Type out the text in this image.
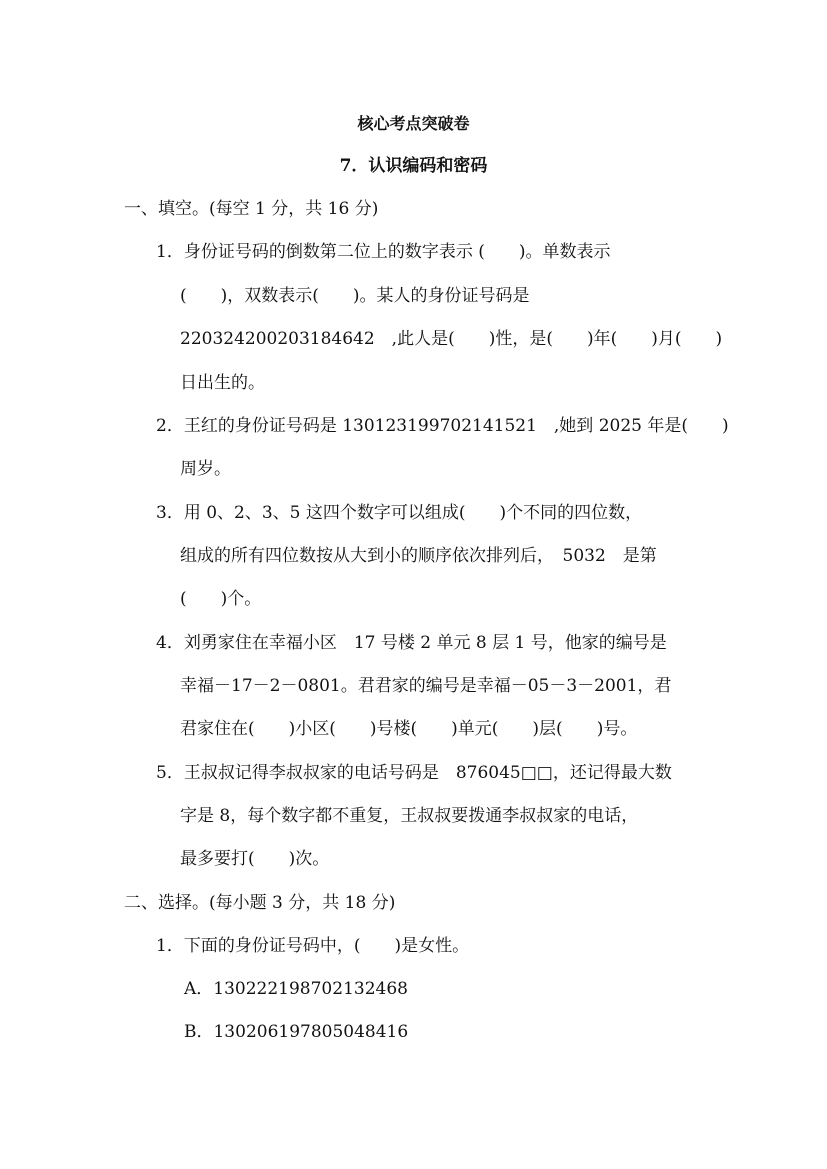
核心考点突破卷
7．认识编码和密码
一、填空。(每空 1 分，共 16 分)
1．身份证号码的倒数第二位上的数字表示 (　　)。单数表示
(　　)，双数表示(　　)。某人的身份证号码是
220324200203184642　,此人是(　　)性，是(　　)年(　　)月(　　)
日出生的。
2．王红的身份证号码是 130123199702141521　,她到 2025 年是(　　)
周岁。
3．用 0、2、3、5 这四个数字可以组成(　　)个不同的四位数，
组成的所有四位数按从大到小的顺序依次排列后，　5032　是第
(　　)个。
4．刘勇家住在幸福小区　17 号楼 2 单元 8 层 1 号，他家的编号是
幸福－17－2－0801。君君家的编号是幸福－05－3－2001，君
君家住在(　　)小区(　　)号楼(　　)单元(　　)层(　　)号。
5．王叔叔记得李叔叔家的电话号码是　876045□□，还记得最大数
字是 8，每个数字都不重复，王叔叔要拨通李叔叔家的电话，
最多要打(　　)次。
二、选择。(每小题 3 分，共 18 分)
1．下面的身份证号码中，(　　)是女性。
A．130222198702132468
B．130206197805048416
